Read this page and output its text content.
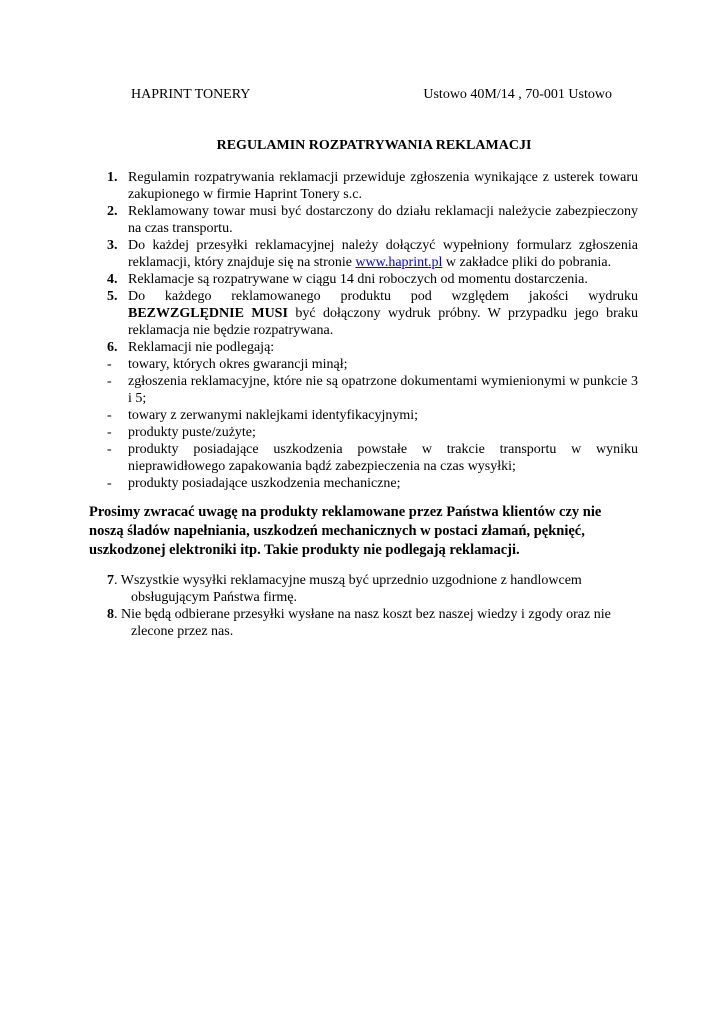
HAPRINT TONERY	Ustowo 40M/14 , 70-001 Ustowo
REGULAMIN ROZPATRYWANIA REKLAMACJI
1. Regulamin rozpatrywania reklamacji przewiduje zgłoszenia wynikające z usterek towaru zakupionego w firmie Haprint Tonery s.c.
2. Reklamowany towar musi być dostarczony do działu reklamacji należycie zabezpieczony na czas transportu.
3. Do każdej przesyłki reklamacyjnej należy dołączyć wypełniony formularz zgłoszenia reklamacji, który znajduje się na stronie www.haprint.pl w zakładce pliki do pobrania.
4. Reklamacje są rozpatrywane w ciągu 14 dni roboczych od momentu dostarczenia.
5. Do każdego reklamowanego produktu pod względem jakości wydruku BEZWZGLĘDNIE MUSI być dołączony wydruk próbny. W przypadku jego braku reklamacja nie będzie rozpatrywana.
6. Reklamacji nie podlegają:
- towary, których okres gwarancji minął;
- zgłoszenia reklamacyjne, które nie są opatrzone dokumentami wymienionymi w punkcie 3 i 5;
- towary z zerwanymi naklejkami identyfikacyjnymi;
- produkty puste/zużyte;
- produkty posiadające uszkodzenia powstałe w trakcie transportu w wyniku nieprawidłowego zapakowania bądź zabezpieczenia na czas wysyłki;
- produkty posiadające uszkodzenia mechaniczne;
Prosimy zwracać uwagę na produkty reklamowane przez Państwa klientów czy nie noszą śladów napełniania, uszkodzeń mechanicznych w postaci złamań, pęknięć, uszkodzonej elektroniki itp. Takie produkty nie podlegają reklamacji.
7. Wszystkie wysyłki reklamacyjne muszą być uprzednio uzgodnione z handlowcem obsługującym Państwa firmę.
8. Nie będą odbierane przesyłki wysłane na nasz koszt bez naszej wiedzy i zgody oraz nie zlecone przez nas.
